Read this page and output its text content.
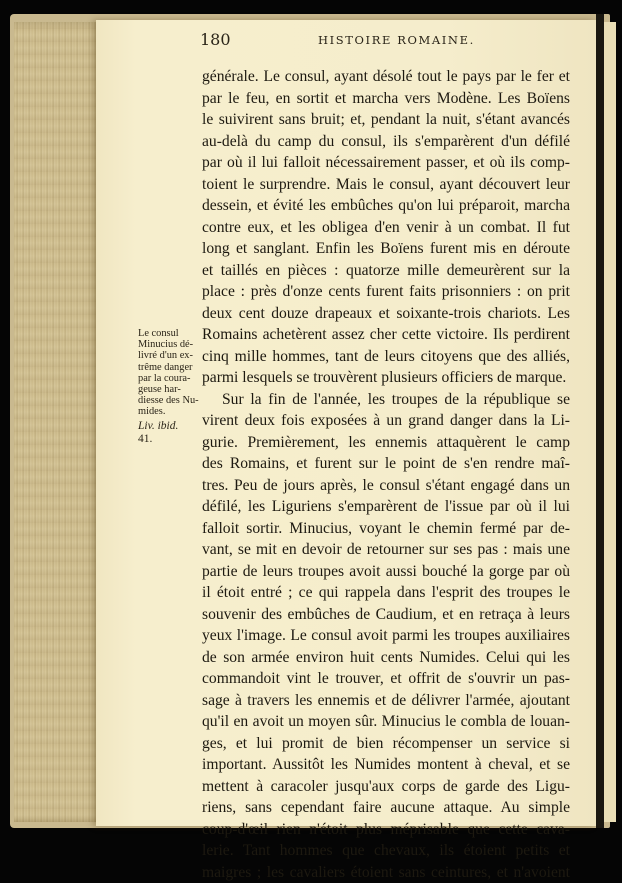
180	HISTOIRE ROMAINE.
Le consul
Minucius dé-
livré d'un ex-
trême danger
par la coura-
geuse har-
diesse des Nu-
mides.
Liv. ibid.
41.
générale. Le consul, ayant désolé tout le pays par le fer et
par le feu, en sortit et marcha vers Modène. Les Boïens
le suivirent sans bruit; et, pendant la nuit, s'étant avancés
au-delà du camp du consul, ils s'emparèrent d'un défilé
par où il lui falloit nécessairement passer, et où ils comp-
toient le surprendre. Mais le consul, ayant découvert leur
dessein, et évité les embûches qu'on lui préparoit, marcha
contre eux, et les obligea d'en venir à un combat. Il fut
long et sanglant. Enfin les Boïens furent mis en déroute
et taillés en pièces : quatorze mille demeurèrent sur la
place : près d'onze cents furent faits prisonniers : on prit
deux cent douze drapeaux et soixante-trois chariots. Les
Romains achetèrent assez cher cette victoire. Ils perdirent
cinq mille hommes, tant de leurs citoyens que des alliés,
parmi lesquels se trouvèrent plusieurs officiers de marque.
Sur la fin de l'année, les troupes de la république se
virent deux fois exposées à un grand danger dans la Li-
gurie. Premièrement, les ennemis attaquèrent le camp
des Romains, et furent sur le point de s'en rendre maî-
tres. Peu de jours après, le consul s'étant engagé dans un
défilé, les Liguriens s'emparèrent de l'issue par où il lui
falloit sortir. Minucius, voyant le chemin fermé par de-
vant, se mit en devoir de retourner sur ses pas : mais une
partie de leurs troupes avoit aussi bouché la gorge par où
il étoit entré ; ce qui rappela dans l'esprit des troupes le
souvenir des embûches de Caudium, et en retraça à leurs
yeux l'image. Le consul avoit parmi les troupes auxiliaires
de son armée environ huit cents Numides. Celui qui les
commandoit vint le trouver, et offrit de s'ouvrir un pas-
sage à travers les ennemis et de délivrer l'armée, ajoutant
qu'il en avoit un moyen sûr. Minucius le combla de louan-
ges, et lui promit de bien récompenser un service si
important. Aussitôt les Numides montent à cheval, et se
mettent à caracoler jusqu'aux corps de garde des Ligu-
riens, sans cependant faire aucune attaque. Au simple
coup-d'œil rien n'étoit plus méprisable que cette cava-
lerie. Tant hommes que chevaux, ils étoient petits et
maigres ; les cavaliers étoient sans ceintures, et n'avoient
